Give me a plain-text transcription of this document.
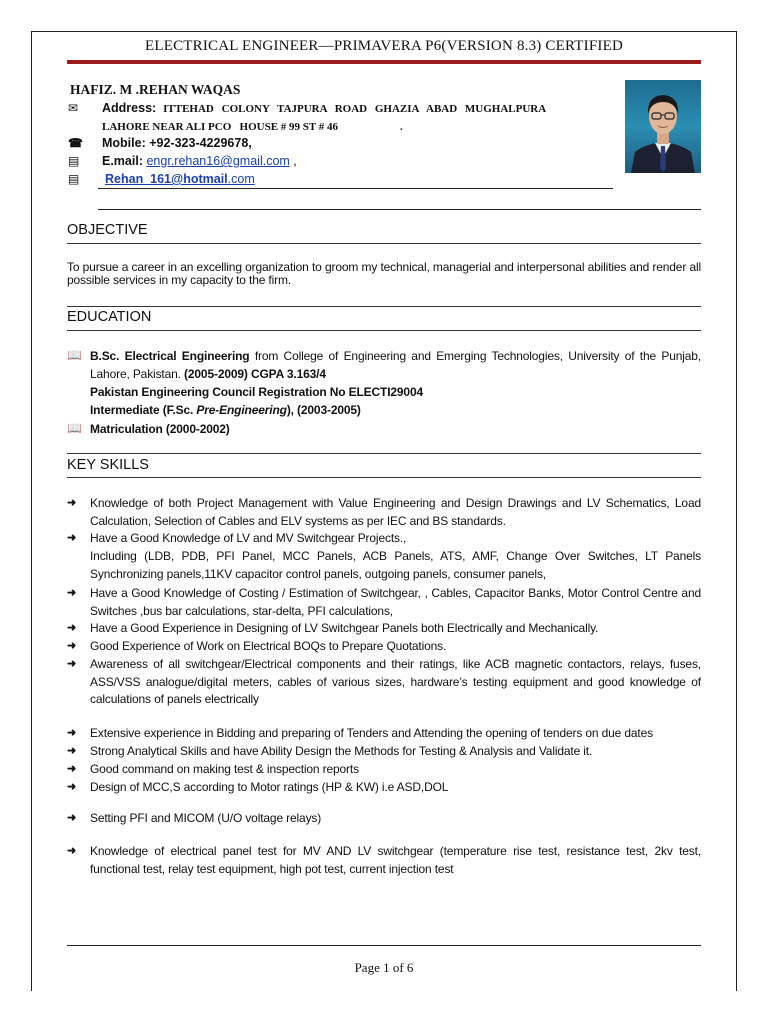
ELECTRICAL ENGINEER—PRIMAVERA P6(VERSION 8.3) CERTIFIED
HAFIZ. M .REHAN WAQAS
✉	Address: ITTEHAD COLONY TAJPURA ROAD GHAZIA ABAD MUGHALPURA
LAHORE NEAR ALI PCO   HOUSE # 99 ST # 46	.
☎ Mobile: +92-323-4229678,
▤	E.mail: engr.rehan16@gmail.com ,
▤	Rehan_161@hotmail.com
OBJECTIVE
To pursue a career in an excelling organization to groom my technical, managerial and interpersonal abilities and render all possible services in my capacity to the firm.
EDUCATION
📖 B.Sc. Electrical Engineering from College of Engineering and Emerging Technologies, University of the Punjab, Lahore, Pakistan. (2005-2009) CGPA 3.163/4
Pakistan Engineering Council Registration No ELECTI29004
Intermediate (F.Sc. Pre-Engineering), (2003-2005)
📖 Matriculation (2000-2002)
KEY SKILLS
➜ Knowledge of both Project Management with Value Engineering and Design Drawings and LV Schematics, Load Calculation, Selection of Cables and ELV systems as per IEC and BS standards.
➜ Have a Good Knowledge of LV and MV Switchgear Projects.,
Including (LDB, PDB, PFI Panel, MCC Panels, ACB Panels, ATS, AMF, Change Over Switches, LT Panels Synchronizing panels,11KV capacitor control panels, outgoing panels, consumer panels,
➜ Have a Good Knowledge of Costing / Estimation of Switchgear, , Cables, Capacitor Banks, Motor Control Centre and Switches ,bus bar calculations, star-delta, PFI calculations,
➜ Have a Good Experience in Designing of LV Switchgear Panels both Electrically and Mechanically.
➜ Good Experience of Work on Electrical BOQs to Prepare Quotations.
➜ Awareness of all switchgear/Electrical components and their ratings, like ACB magnetic contactors, relays, fuses, ASS/VSS analogue/digital meters, cables of various sizes, hardware’s testing equipment and good knowledge of calculations of panels electrically
➜ Extensive experience in Bidding and preparing of Tenders and Attending the opening of tenders on due dates
➜ Strong Analytical Skills and have Ability Design the Methods for Testing & Analysis and Validate it.
➜ Good command on making test & inspection reports
➜ Design of MCC,S according to Motor ratings (HP & KW) i.e ASD,DOL
➜ Setting PFI and MICOM (U/O voltage relays)
➜ Knowledge of electrical panel test for MV AND LV switchgear (temperature rise test, resistance test, 2kv test, functional test, relay test equipment, high pot test, current injection test
Page 1 of 6
